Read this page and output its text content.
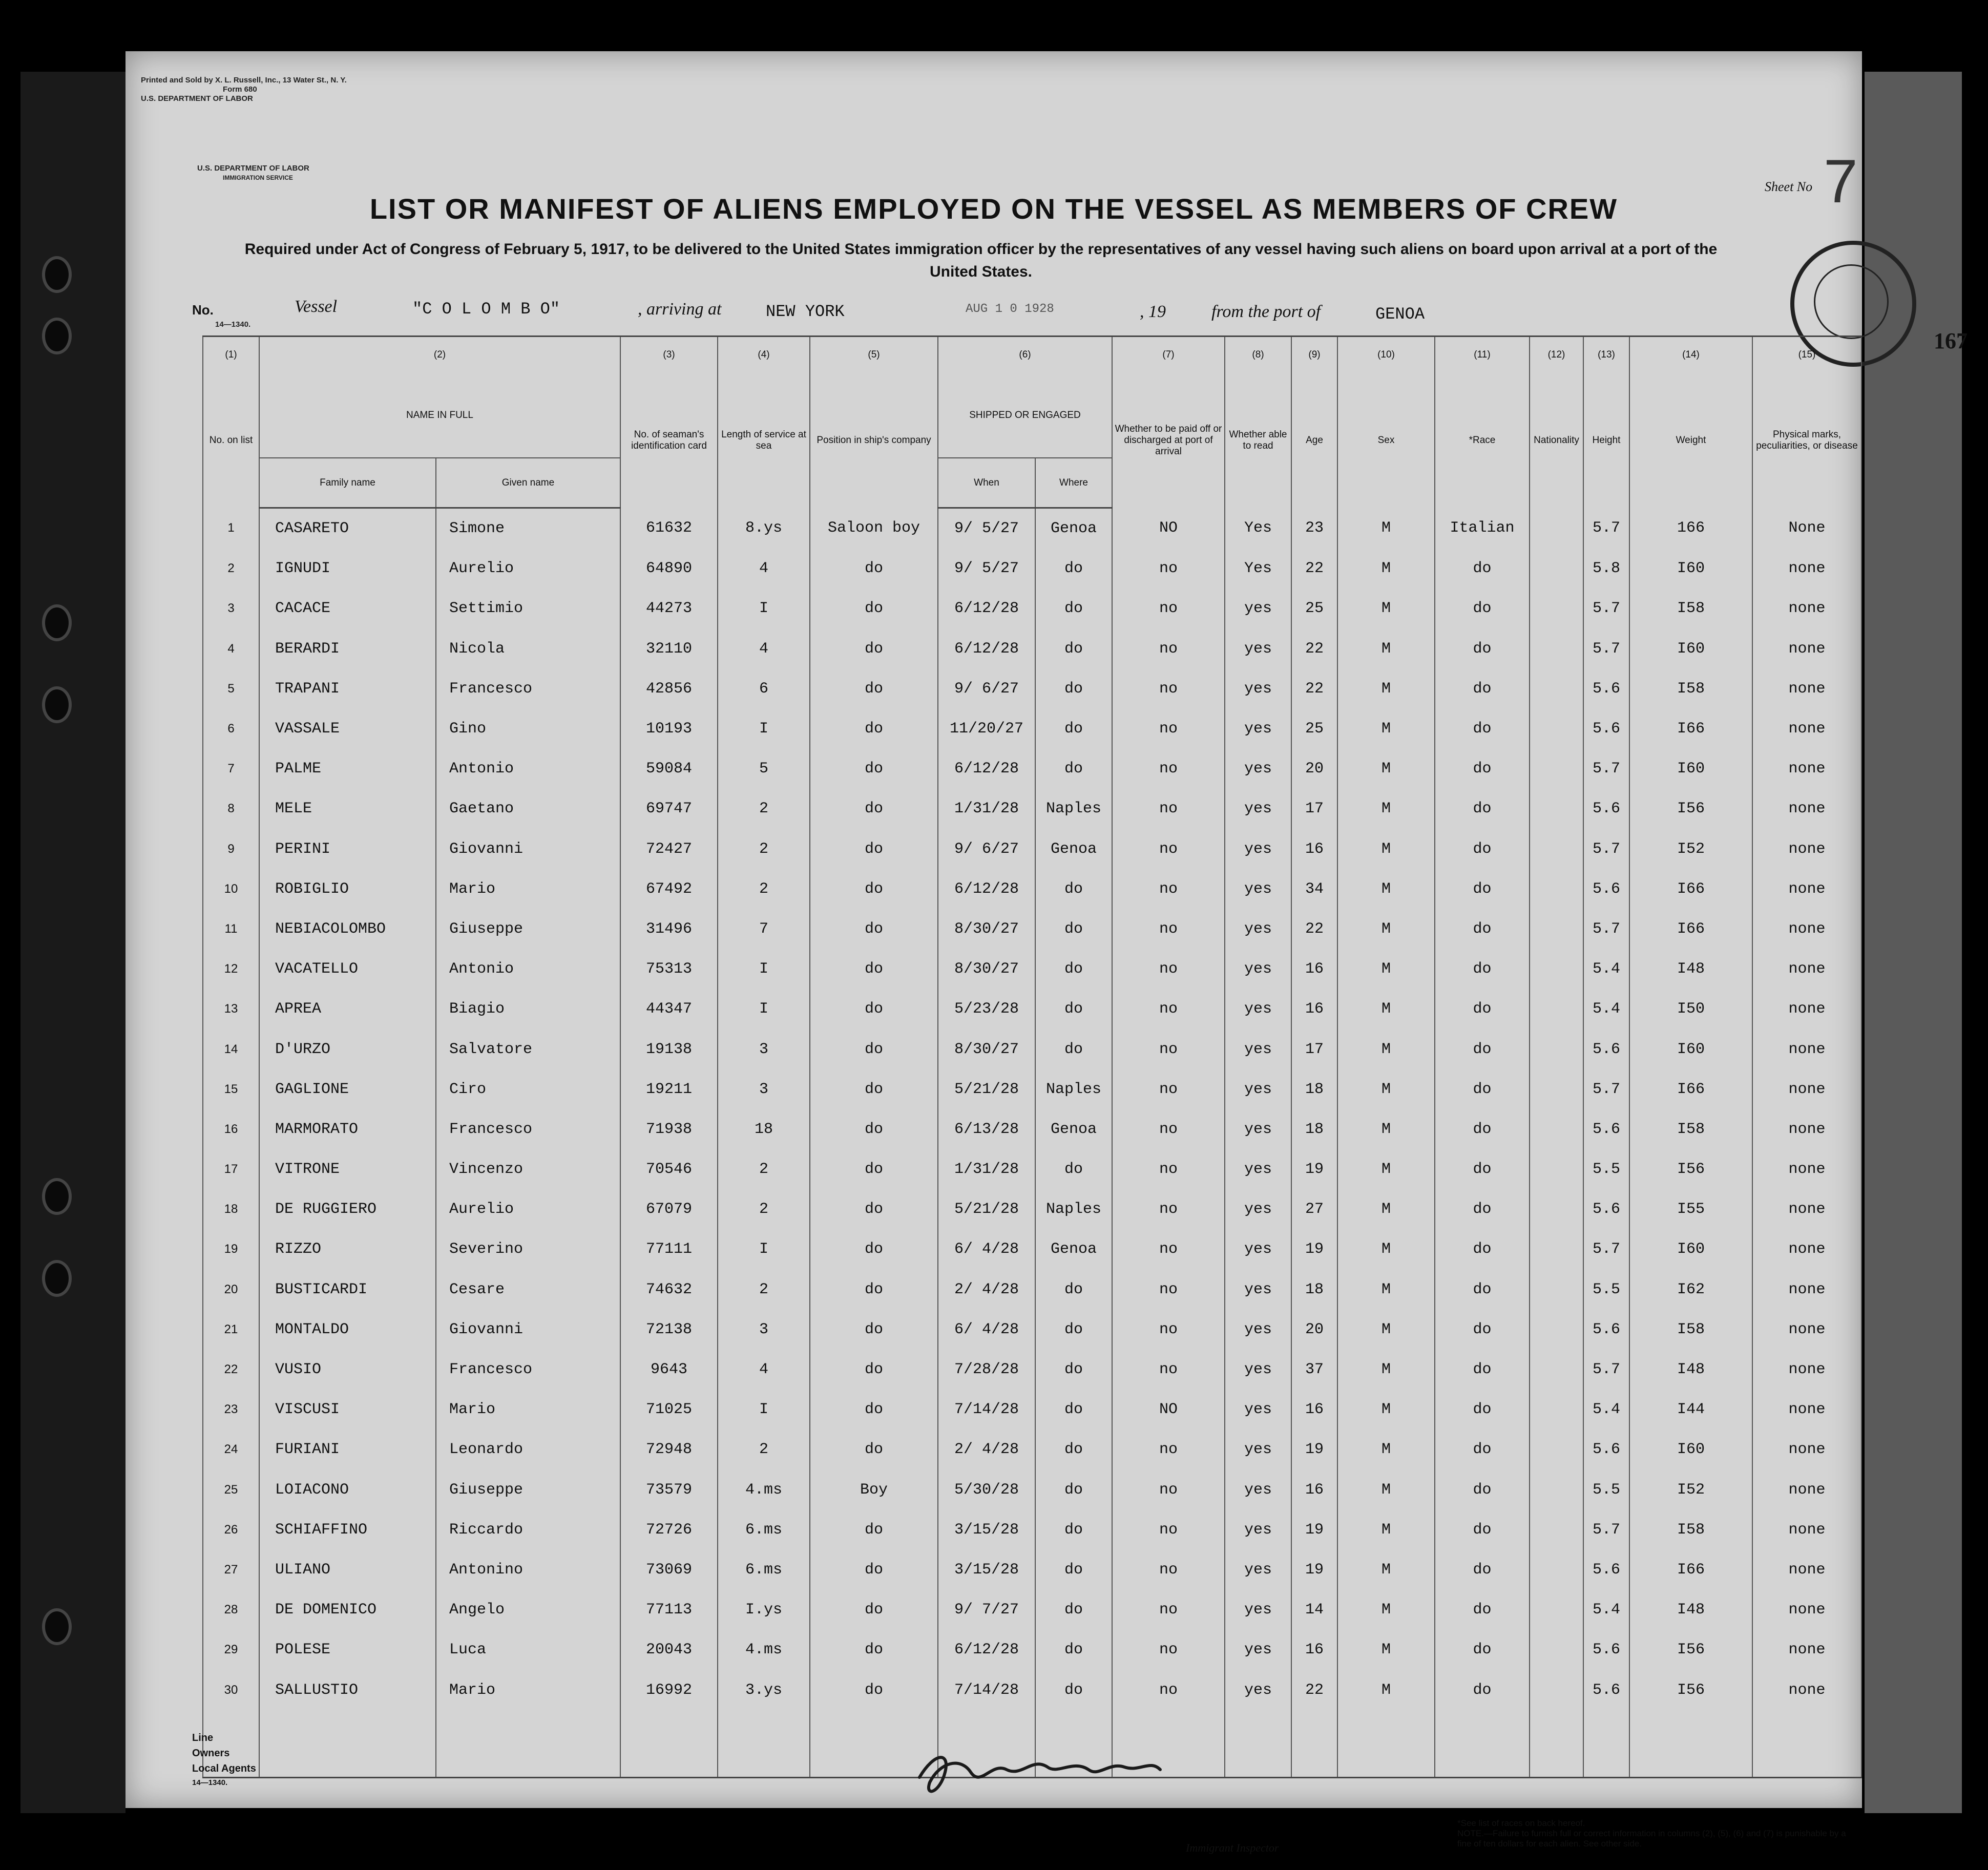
Printed and Sold by X. L. Russell, Inc., 13 Water St., N. Y.
Form 680
U.S. DEPARTMENT OF LABOR
U.S. DEPARTMENT OF LABOR
IMMIGRATION SERVICE
LIST OR MANIFEST OF ALIENS EMPLOYED ON THE VESSEL AS MEMBERS OF CREW
Required under Act of Congress of February 5, 1917, to be delivered to the United States immigration officer by the representatives of any vessel having such aliens on board upon arrival at a port of the United States.
Sheet No 7
167
No.
14—1340.
Vessel	"C O L O M B O"	, arriving at	NEW YORK	AUG 1 0 1928	, 19	from the port of	GENOA
(1)	(2)		(3)	(4)	(5)	(6)		(7)	(8)	(9)	(10)	(11)	(12)	(13)	(14)	(15)
No. on list	NAME IN FULL		No. of seaman's identification card	Length of service at sea	Position in ship's company	SHIPPED OR ENGAGED		Whether to be paid off or discharged at port of arrival	Whether able to read	Age	Sex	*Race	Nationality	Height	Weight	Physical marks, peculiarities, or disease
	Family name	Given name				When	Where									
1	CASARETO	Simone	61632	8.ys	Saloon boy	9/ 5/27	Genoa	NO	Yes	23	M	Italian		5.7	166	None
2	IGNUDI	Aurelio	64890	4	do	9/ 5/27	do	no	Yes	22	M	do		5.8	I60	none
3	CACACE	Settimio	44273	I	do	6/12/28	do	no	yes	25	M	do		5.7	I58	none
4	BERARDI	Nicola	32110	4	do	6/12/28	do	no	yes	22	M	do		5.7	I60	none
5	TRAPANI	Francesco	42856	6	do	9/ 6/27	do	no	yes	22	M	do		5.6	I58	none
6	VASSALE	Gino	10193	I	do	11/20/27	do	no	yes	25	M	do		5.6	I66	none
7	PALME	Antonio	59084	5	do	6/12/28	do	no	yes	20	M	do		5.7	I60	none
8	MELE	Gaetano	69747	2	do	1/31/28	Naples	no	yes	17	M	do		5.6	I56	none
9	PERINI	Giovanni	72427	2	do	9/ 6/27	Genoa	no	yes	16	M	do		5.7	I52	none
10	ROBIGLIO	Mario	67492	2	do	6/12/28	do	no	yes	34	M	do		5.6	I66	none
11	NEBIACOLOMBO	Giuseppe	31496	7	do	8/30/27	do	no	yes	22	M	do		5.7	I66	none
12	VACATELLO	Antonio	75313	I	do	8/30/27	do	no	yes	16	M	do		5.4	I48	none
13	APREA	Biagio	44347	I	do	5/23/28	do	no	yes	16	M	do		5.4	I50	none
14	D'URZO	Salvatore	19138	3	do	8/30/27	do	no	yes	17	M	do		5.6	I60	none
15	GAGLIONE	Ciro	19211	3	do	5/21/28	Naples	no	yes	18	M	do		5.7	I66	none
16	MARMORATO	Francesco	71938	18	do	6/13/28	Genoa	no	yes	18	M	do		5.6	I58	none
17	VITRONE	Vincenzo	70546	2	do	1/31/28	do	no	yes	19	M	do		5.5	I56	none
18	DE RUGGIERO	Aurelio	67079	2	do	5/21/28	Naples	no	yes	27	M	do		5.6	I55	none
19	RIZZO	Severino	77111	I	do	6/ 4/28	Genoa	no	yes	19	M	do		5.7	I60	none
20	BUSTICARDI	Cesare	74632	2	do	2/ 4/28	do	no	yes	18	M	do		5.5	I62	none
21	MONTALDO	Giovanni	72138	3	do	6/ 4/28	do	no	yes	20	M	do		5.6	I58	none
22	VUSIO	Francesco	9643	4	do	7/28/28	do	no	yes	37	M	do		5.7	I48	none
23	VISCUSI	Mario	71025	I	do	7/14/28	do	NO	yes	16	M	do		5.4	I44	none
24	FURIANI	Leonardo	72948	2	do	2/ 4/28	do	no	yes	19	M	do		5.6	I60	none
25	LOIACONO	Giuseppe	73579	4.ms	Boy	5/30/28	do	no	yes	16	M	do		5.5	I52	none
26	SCHIAFFINO	Riccardo	72726	6.ms	do	3/15/28	do	no	yes	19	M	do		5.7	I58	none
27	ULIANO	Antonino	73069	6.ms	do	3/15/28	do	no	yes	19	M	do		5.6	I66	none
28	DE DOMENICO	Angelo	77113	I.ys	do	9/ 7/27	do	no	yes	14	M	do		5.4	I48	none
29	POLESE	Luca	20043	4.ms	do	6/12/28	do	no	yes	16	M	do		5.6	I56	none
30	SALLUSTIO	Mario	16992	3.ys	do	7/14/28	do	no	yes	22	M	do		5.6	I56	none

Line
Owners
Local Agents
14—1340.
Immigrant Inspector
*See list of races on back hereof.
NOTE.—Failure to furnish full or correct information in columns (2), (5), (6) and (7) is punishable by a fine of ten dollars for each alien. See other side.
